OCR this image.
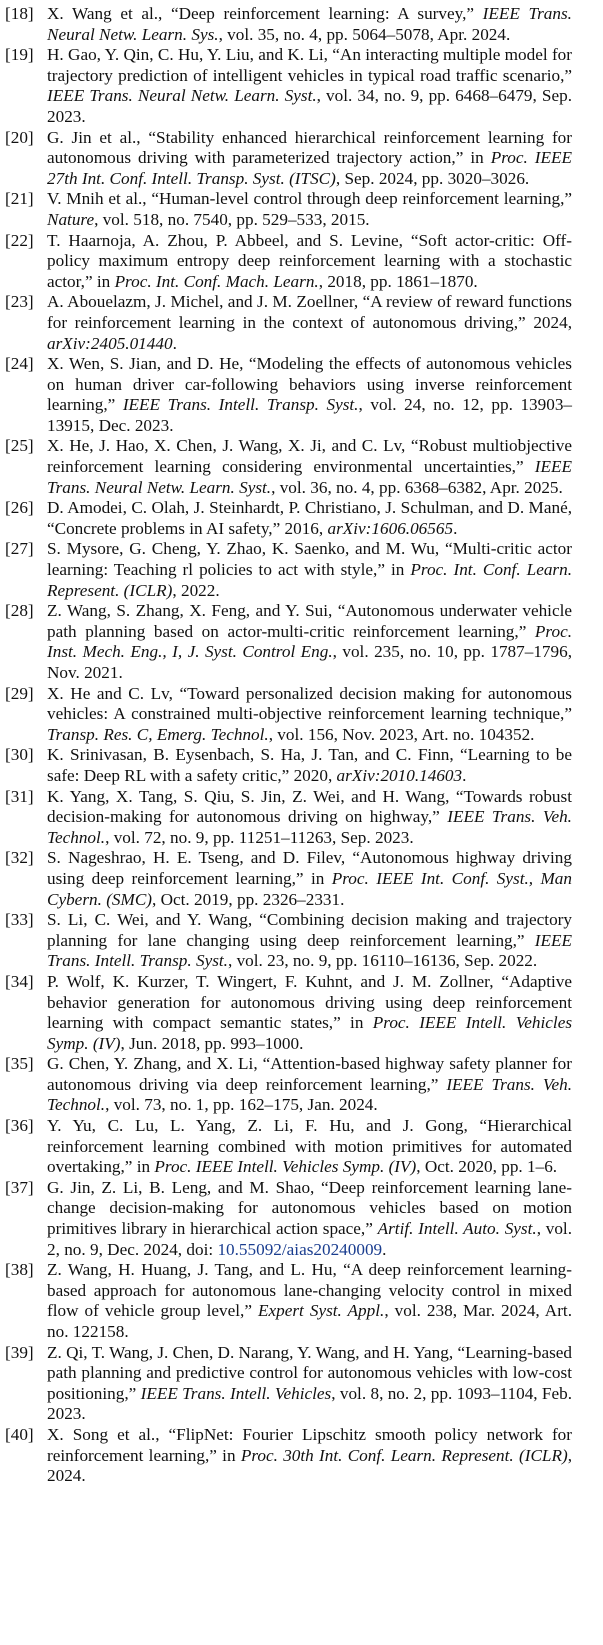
[18] X. Wang et al., “Deep reinforcement learning: A survey,” IEEE Trans. Neural Netw. Learn. Sys., vol. 35, no. 4, pp. 5064–5078, Apr. 2024.

[19] H. Gao, Y. Qin, C. Hu, Y. Liu, and K. Li, “An interacting multiple model for trajectory prediction of intelligent vehicles in typical road traffic scenario,” IEEE Trans. Neural Netw. Learn. Syst., vol. 34, no. 9, pp. 6468–6479, Sep. 2023.

[20] G. Jin et al., “Stability enhanced hierarchical reinforcement learning for autonomous driving with parameterized trajectory action,” in Proc. IEEE 27th Int. Conf. Intell. Transp. Syst. (ITSC), Sep. 2024, pp. 3020–3026.

[21] V. Mnih et al., “Human-level control through deep reinforcement learning,” Nature, vol. 518, no. 7540, pp. 529–533, 2015.

[22] T. Haarnoja, A. Zhou, P. Abbeel, and S. Levine, “Soft actor-critic: Off-policy maximum entropy deep reinforcement learning with a stochastic actor,” in Proc. Int. Conf. Mach. Learn., 2018, pp. 1861–1870.

[23] A. Abouelazm, J. Michel, and J. M. Zoellner, “A review of reward functions for reinforcement learning in the context of autonomous driving,” 2024, arXiv:2405.01440.

[24] X. Wen, S. Jian, and D. He, “Modeling the effects of autonomous vehicles on human driver car-following behaviors using inverse reinforcement learning,” IEEE Trans. Intell. Transp. Syst., vol. 24, no. 12, pp. 13903–13915, Dec. 2023.

[25] X. He, J. Hao, X. Chen, J. Wang, X. Ji, and C. Lv, “Robust multiobjective reinforcement learning considering environmental uncertainties,” IEEE Trans. Neural Netw. Learn. Syst., vol. 36, no. 4, pp. 6368–6382, Apr. 2025.

[26] D. Amodei, C. Olah, J. Steinhardt, P. Christiano, J. Schulman, and D. Mané, “Concrete problems in AI safety,” 2016, arXiv:1606.06565.

[27] S. Mysore, G. Cheng, Y. Zhao, K. Saenko, and M. Wu, “Multi-critic actor learning: Teaching rl policies to act with style,” in Proc. Int. Conf. Learn. Represent. (ICLR), 2022.

[28] Z. Wang, S. Zhang, X. Feng, and Y. Sui, “Autonomous underwater vehicle path planning based on actor-multi-critic reinforcement learning,” Proc. Inst. Mech. Eng., I, J. Syst. Control Eng., vol. 235, no. 10, pp. 1787–1796, Nov. 2021.

[29] X. He and C. Lv, “Toward personalized decision making for autonomous vehicles: A constrained multi-objective reinforcement learning technique,” Transp. Res. C, Emerg. Technol., vol. 156, Nov. 2023, Art. no. 104352.

[30] K. Srinivasan, B. Eysenbach, S. Ha, J. Tan, and C. Finn, “Learning to be safe: Deep RL with a safety critic,” 2020, arXiv:2010.14603.

[31] K. Yang, X. Tang, S. Qiu, S. Jin, Z. Wei, and H. Wang, “Towards robust decision-making for autonomous driving on highway,” IEEE Trans. Veh. Technol., vol. 72, no. 9, pp. 11251–11263, Sep. 2023.

[32] S. Nageshrao, H. E. Tseng, and D. Filev, “Autonomous highway driving using deep reinforcement learning,” in Proc. IEEE Int. Conf. Syst., Man Cybern. (SMC), Oct. 2019, pp. 2326–2331.

[33] S. Li, C. Wei, and Y. Wang, “Combining decision making and trajectory planning for lane changing using deep reinforcement learning,” IEEE Trans. Intell. Transp. Syst., vol. 23, no. 9, pp. 16110–16136, Sep. 2022.

[34] P. Wolf, K. Kurzer, T. Wingert, F. Kuhnt, and J. M. Zollner, “Adaptive behavior generation for autonomous driving using deep reinforcement learning with compact semantic states,” in Proc. IEEE Intell. Vehicles Symp. (IV), Jun. 2018, pp. 993–1000.

[35] G. Chen, Y. Zhang, and X. Li, “Attention-based highway safety planner for autonomous driving via deep reinforcement learning,” IEEE Trans. Veh. Technol., vol. 73, no. 1, pp. 162–175, Jan. 2024.

[36] Y. Yu, C. Lu, L. Yang, Z. Li, F. Hu, and J. Gong, “Hierarchical reinforcement learning combined with motion primitives for automated overtaking,” in Proc. IEEE Intell. Vehicles Symp. (IV), Oct. 2020, pp. 1–6.

[37] G. Jin, Z. Li, B. Leng, and M. Shao, “Deep reinforcement learning lane-change decision-making for autonomous vehicles based on motion primitives library in hierarchical action space,” Artif. Intell. Auto. Syst., vol. 2, no. 9, Dec. 2024, doi: 10.55092/aias20240009.

[38] Z. Wang, H. Huang, J. Tang, and L. Hu, “A deep reinforcement learning-based approach for autonomous lane-changing velocity control in mixed flow of vehicle group level,” Expert Syst. Appl., vol. 238, Mar. 2024, Art. no. 122158.

[39] Z. Qi, T. Wang, J. Chen, D. Narang, Y. Wang, and H. Yang, “Learning-based path planning and predictive control for autonomous vehicles with low-cost positioning,” IEEE Trans. Intell. Vehicles, vol. 8, no. 2, pp. 1093–1104, Feb. 2023.

[40] X. Song et al., “FlipNet: Fourier Lipschitz smooth policy network for reinforcement learning,” in Proc. 30th Int. Conf. Learn. Represent. (ICLR), 2024.
